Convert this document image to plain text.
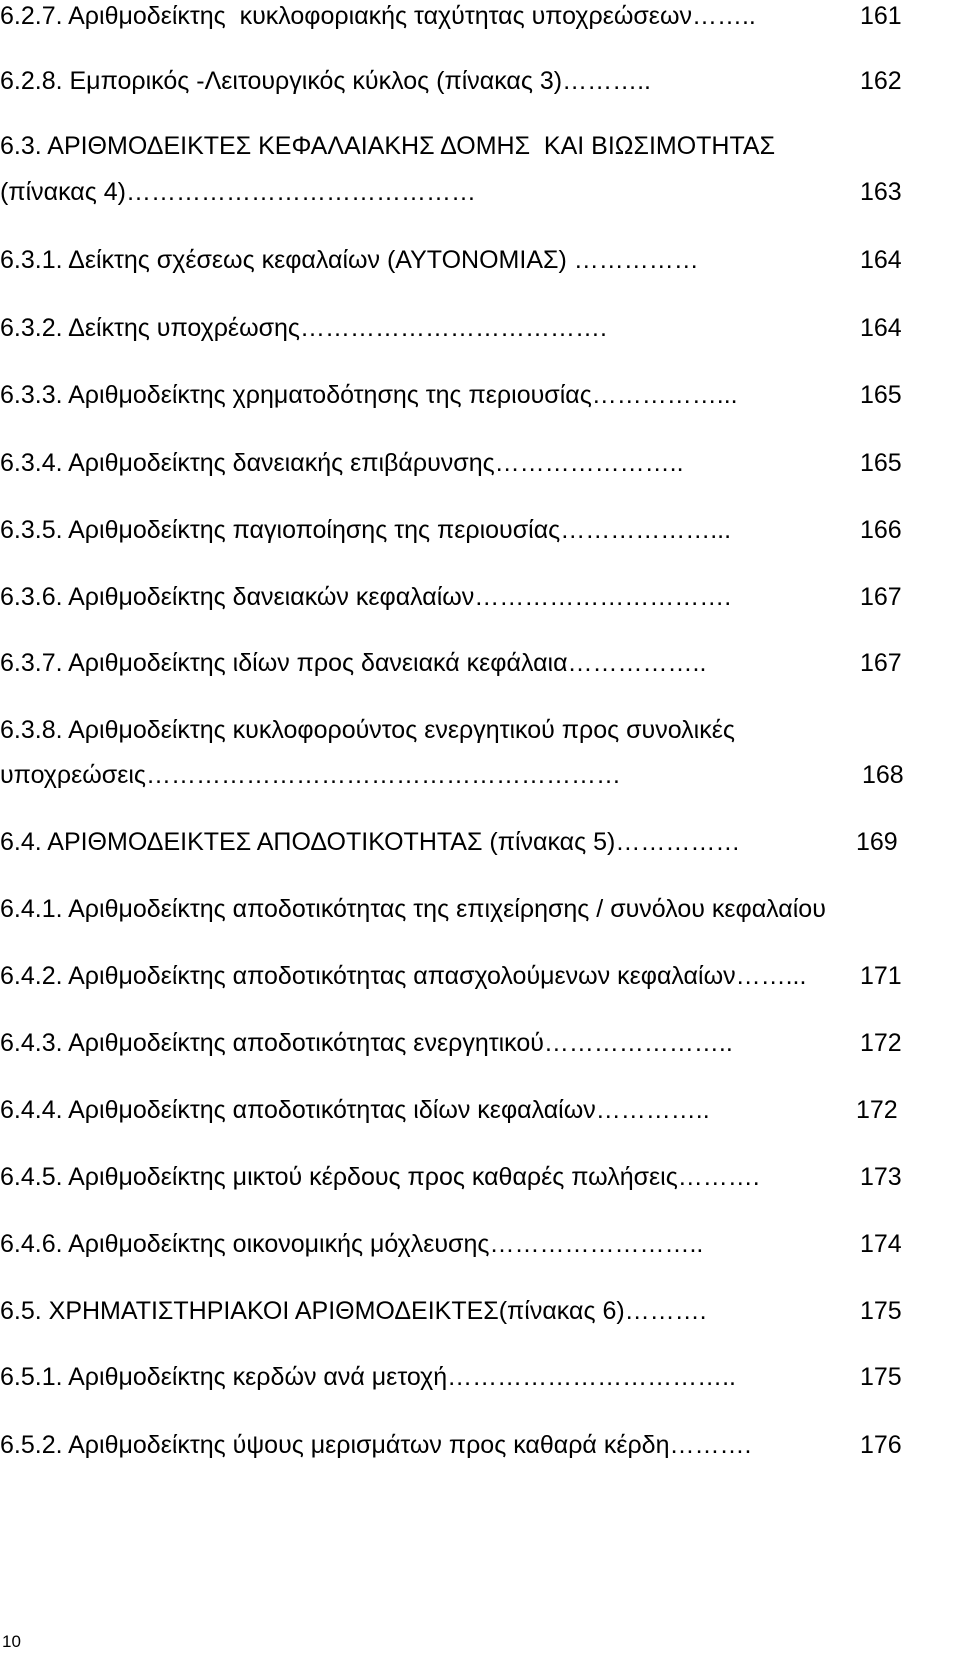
6.2.7. Αριθμοδείκτης  κυκλοφοριακής ταχύτητας υποχρεώσεων……..	161
6.2.8. Εμπορικός -Λειτουργικός κύκλος (πίνακας 3)………..	162
6.3. ΑΡΙΘΜΟΔΕΙΚΤΕΣ ΚΕΦΑΛΑΙΑΚΗΣ ΔΟΜΗΣ  ΚΑΙ ΒΙΩΣΙΜΟΤΗΤΑΣ
(πίνακας 4)……………………………………	163
6.3.1. Δείκτης σχέσεως κεφαλαίων (ΑΥΤΟΝΟΜΙΑΣ) ……………	164
6.3.2. Δείκτης υποχρέωσης……………………………….	164
6.3.3. Αριθμοδείκτης χρηματοδότησης της περιουσίας……………...	165
6.3.4. Αριθμοδείκτης δανειακής επιβάρυνσης…………………..	165
6.3.5. Αριθμοδείκτης παγιοποίησης της περιουσίας………………...	166
6.3.6. Αριθμοδείκτης δανειακών κεφαλαίων………………………….	167
6.3.7. Αριθμοδείκτης ιδίων προς δανειακά κεφάλαια……………..	167
6.3.8. Αριθμοδείκτης κυκλοφορούντος ενεργητικού προς συνολικές
υποχρεώσεις…………………………………………………	168
6.4. ΑΡΙΘΜΟΔΕΙΚΤΕΣ ΑΠΟΔΟΤΙΚΟΤΗΤΑΣ (πίνακας 5)……………	169
6.4.1. Αριθμοδείκτης αποδοτικότητας της επιχείρησης / συνόλου κεφαλαίου
6.4.2. Αριθμοδείκτης αποδοτικότητας απασχολούμενων κεφαλαίων……... 171
6.4.3. Αριθμοδείκτης αποδοτικότητας ενεργητικού…………………..	172
6.4.4. Αριθμοδείκτης αποδοτικότητας ιδίων κεφαλαίων…………..	172
6.4.5. Αριθμοδείκτης μικτού κέρδους προς καθαρές πωλήσεις……….	173
6.4.6. Αριθμοδείκτης οικονομικής μόχλευσης……………………..	174
6.5. ΧΡΗΜΑΤΙΣΤΗΡΙΑΚΟΙ ΑΡΙΘΜΟΔΕΙΚΤΕΣ(πίνακας 6)……….	175
6.5.1. Αριθμοδείκτης κερδών ανά μετοχή……………………………..	175
6.5.2. Αριθμοδείκτης ύψους μερισμάτων προς καθαρά κέρδη……….	176
10
